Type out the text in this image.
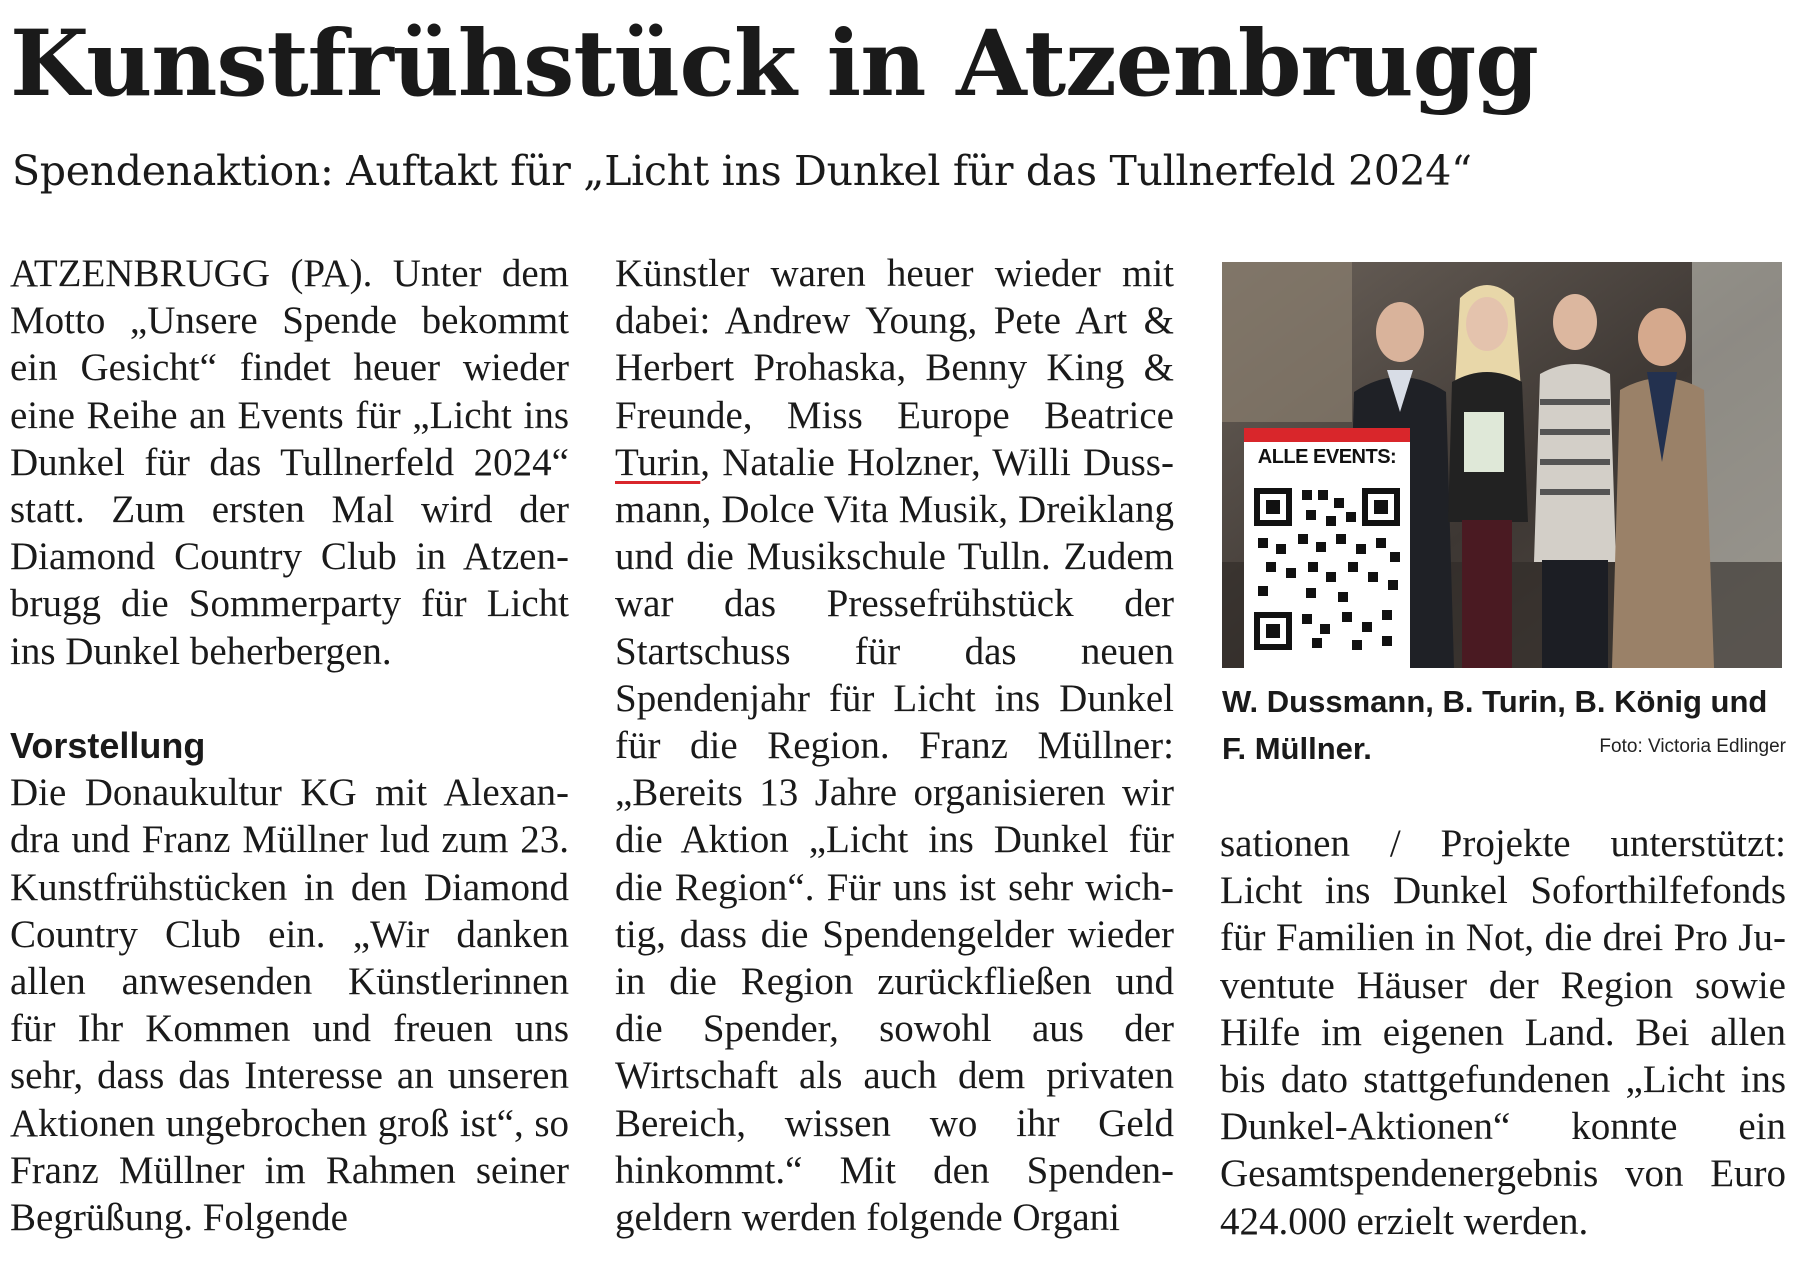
Kunstfrühstück in Atzenbrugg
Spendenaktion: Auftakt für „Licht ins Dunkel für das Tullnerfeld 2024“

ATZENBRUGG (PA). Unter dem Motto „Unsere Spende bekommt ein Gesicht“ findet heuer wieder eine Reihe an Events für „Licht ins Dunkel für das Tullnerfeld 2024“ statt. Zum ersten Mal wird der Diamond Country Club in Atzenbrugg die Sommerparty für Licht ins Dunkel beherbergen.

Vorstellung

Die Donaukultur KG mit Alexandra und Franz Müllner lud zum 23. Kunstfrühstücken in den Diamond Country Club ein. „Wir danken allen anwesenden Künstlerinnen für Ihr Kommen und freuen uns sehr, dass das Interesse an unseren Aktionen ungebrochen groß ist“, so Franz Müllner im Rahmen seiner Begrüßung. Folgende

Künstler waren heuer wieder mit dabei: Andrew Young, Pete Art & Herbert Prohaska, Benny King & Freunde, Miss Europe Beatrice Turin, Natalie Holzner, Willi Dussmann, Dolce Vita Musik, Dreiklang und die Musikschule Tulln. Zudem war das Pressefrühstück der Startschuss für das neuen Spendenjahr für Licht ins Dunkel für die Region. Franz Müllner: „Bereits 13 Jahre organisieren wir die Aktion „Licht ins Dunkel für die Region“. Für uns ist sehr wichtig, dass die Spendengelder wieder in die Region zurückfließen und die Spender, sowohl aus der Wirtschaft als auch dem privaten Bereich, wissen wo ihr Geld hinkommt.“ Mit den Spendengeldern werden folgende Organi

ALLE EVENTS:
W. Dussmann, B. Turin, B. König und F. Müllner.	Foto: Victoria Edlinger

sationen / Projekte unterstützt: Licht ins Dunkel Soforthilfefonds für Familien in Not, die drei Pro Juventute Häuser der Region sowie Hilfe im eigenen Land. Bei allen bis dato stattgefundenen „Licht ins Dunkel-Aktionen“ konnte ein Gesamtspendenergebnis von Euro 424.000 erzielt werden.
